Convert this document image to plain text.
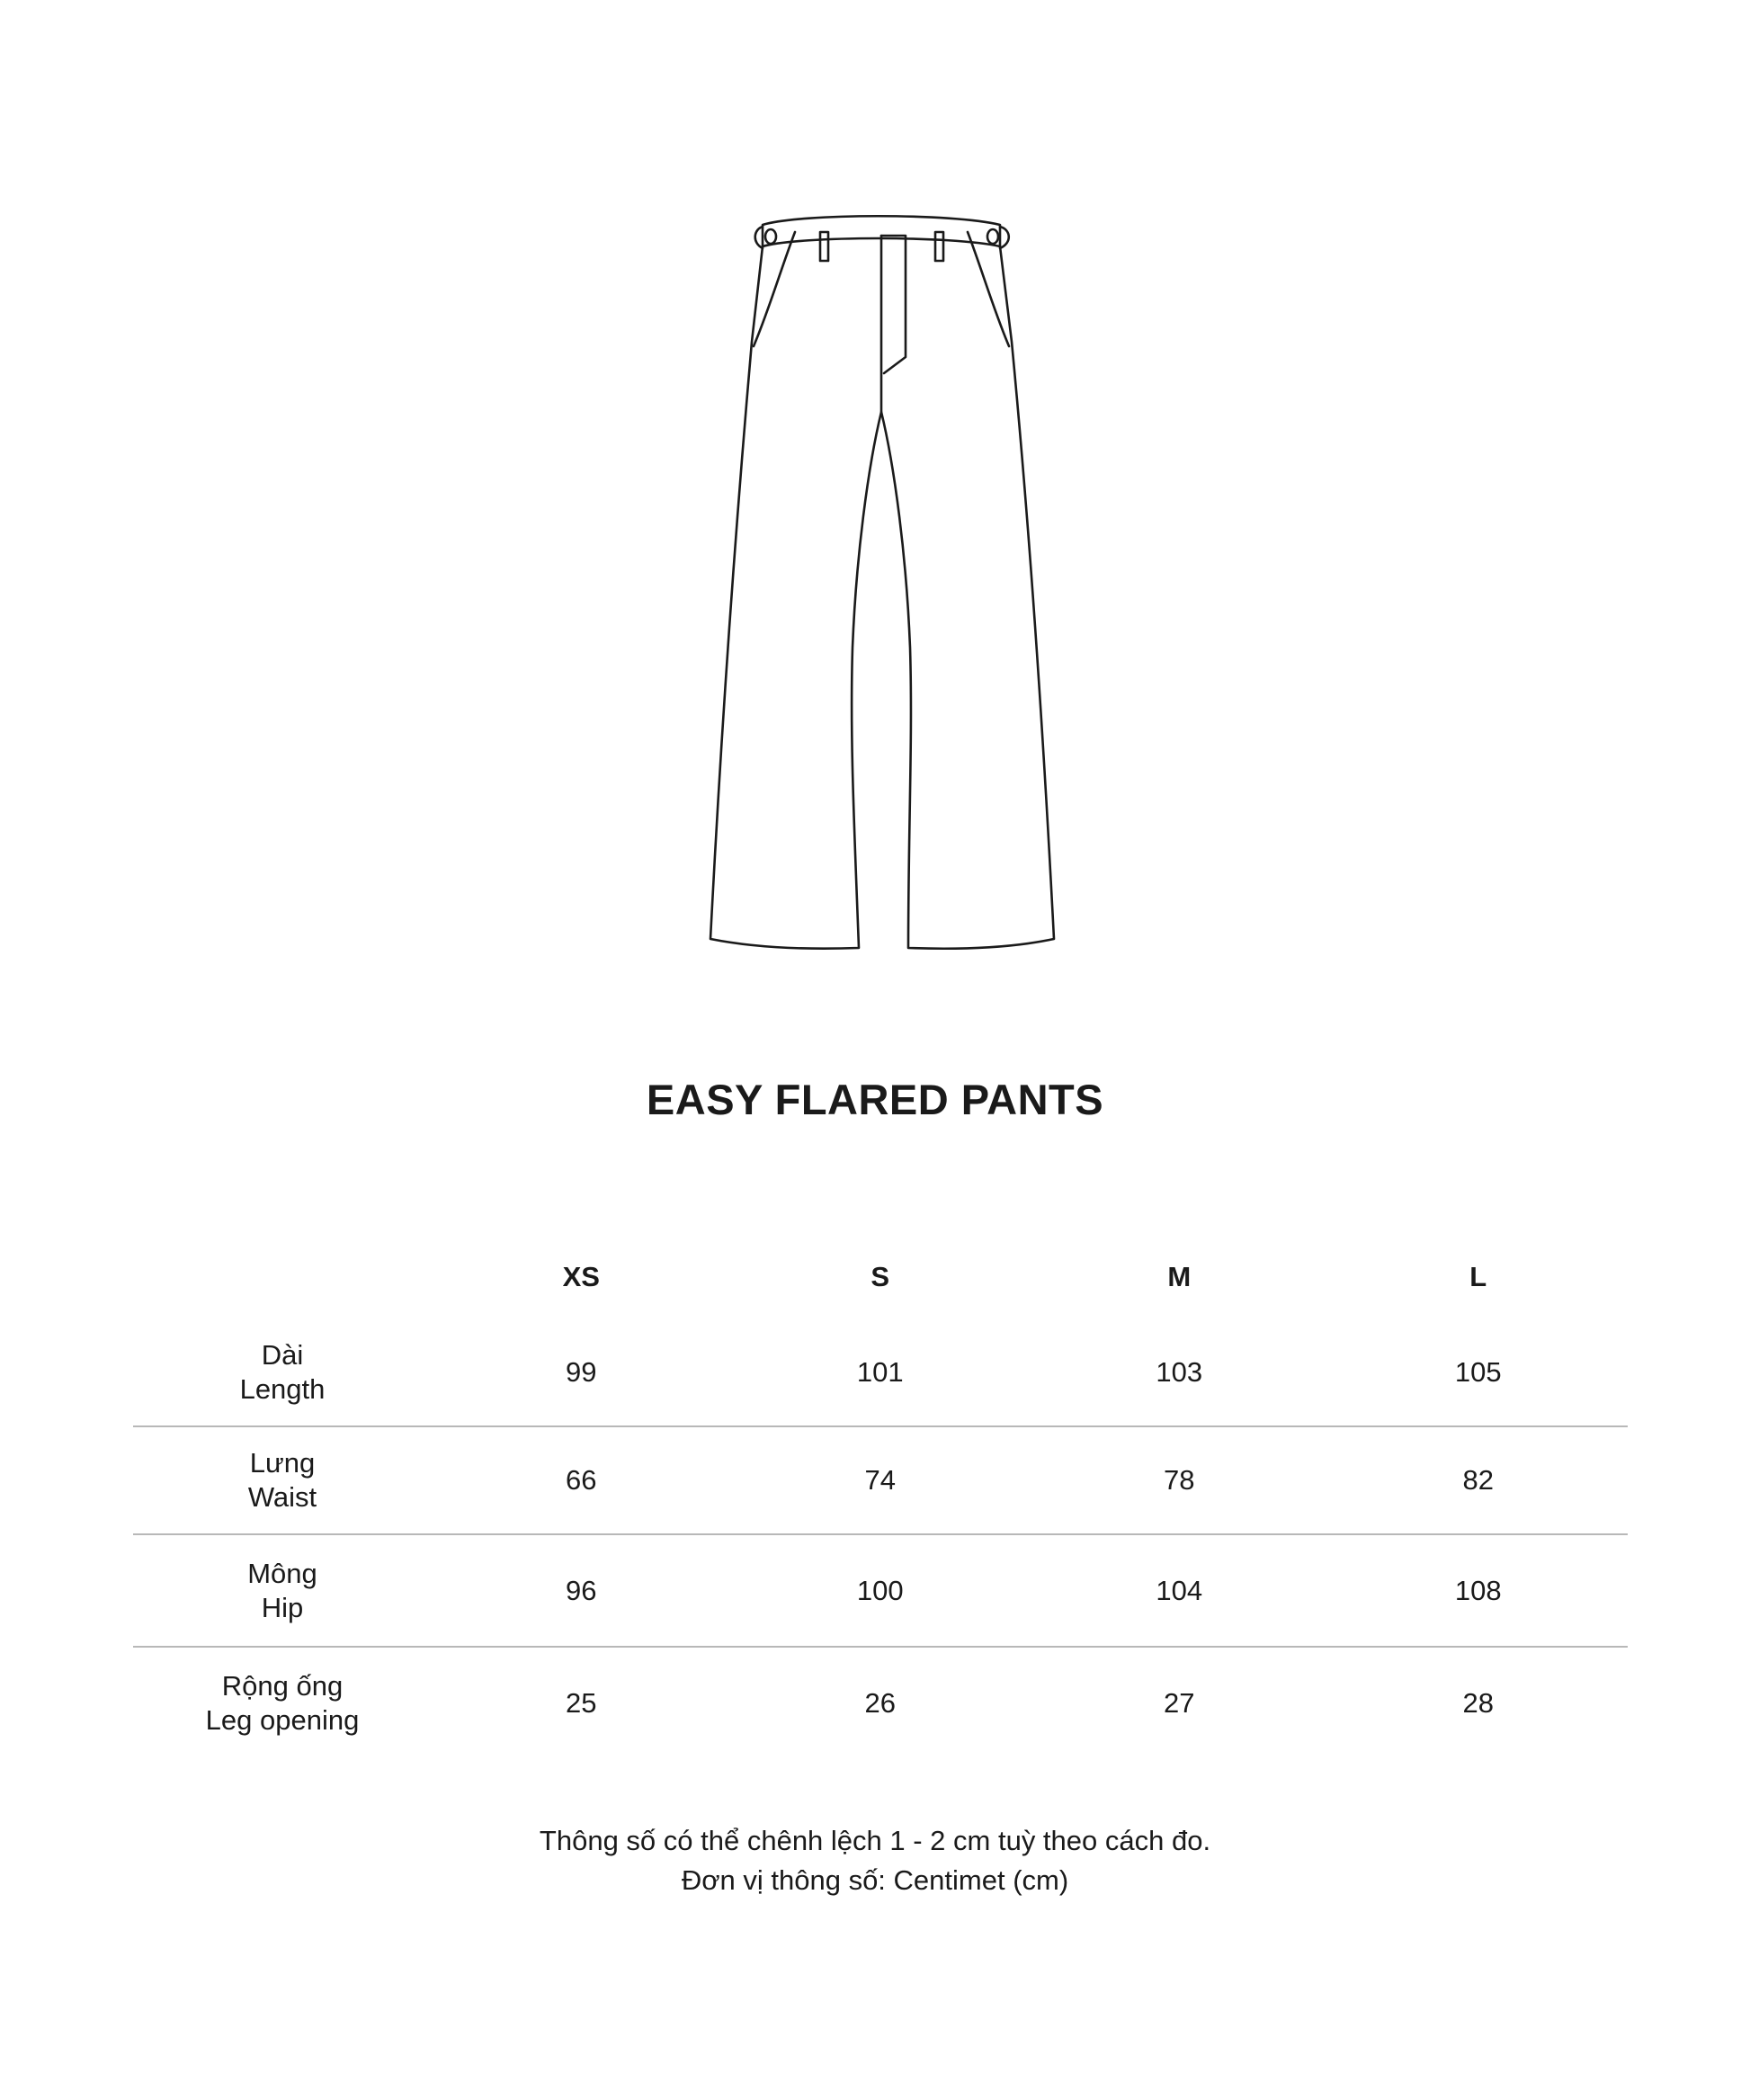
EASY FLARED PANTS
	XS	S	M	L

Dài
Length	99	101	103	105

Lưng
Waist	66	74	78	82

Mông
Hip	96	100	104	108

Rộng ống
Leg opening	25	26	27	28
Thông số có thể chênh lệch 1 - 2 cm tuỳ theo cách đo.
Đơn vị thông số: Centimet (cm)
